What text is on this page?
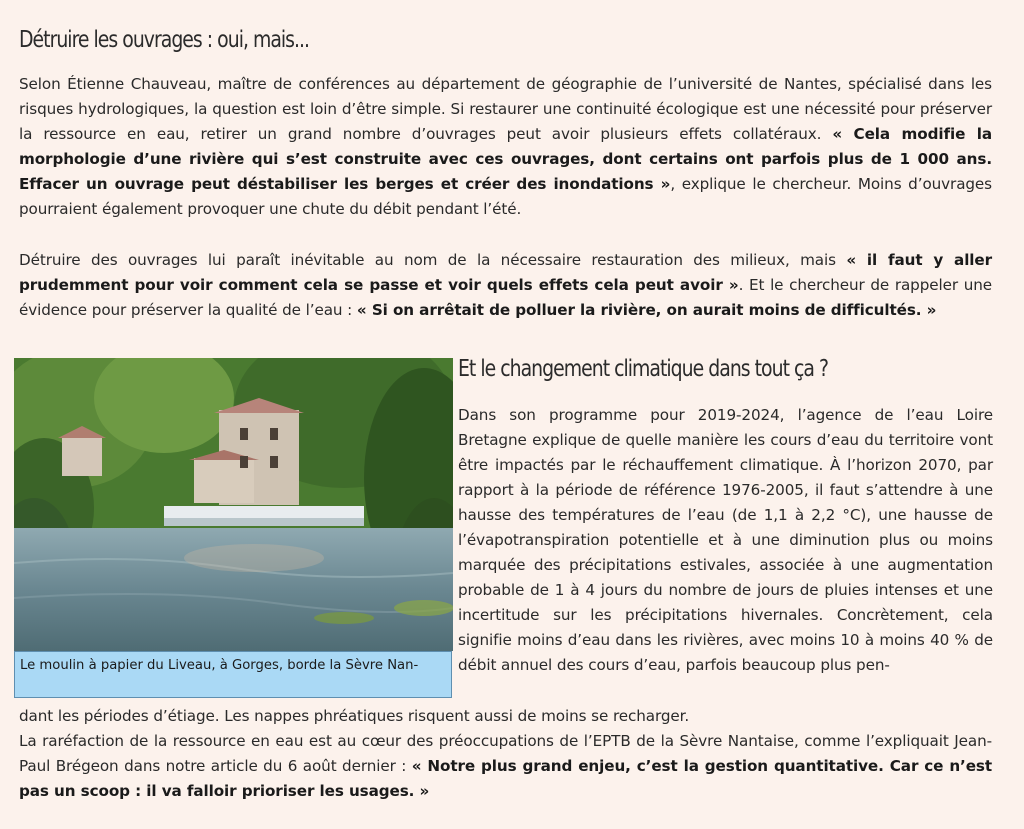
Détruire les ouvrages : oui, mais...
Selon Étienne Chauveau, maître de conférences au département de géographie de l’université de Nantes, spécialisé dans les risques hydrologiques, la question est loin d’être simple. Si restaurer une continuité écologique est une nécessité pour préserver la ressource en eau, retirer un grand nombre d’ouvrages peut avoir plusieurs effets collatéraux. « Cela modifie la morphologie d’une rivière qui s’est construite avec ces ouvrages, dont certains ont parfois plus de 1 000 ans. Effacer un ouvrage peut déstabiliser les berges et créer des inondations », explique le chercheur. Moins d’ouvrages pourraient également provoquer une chute du débit pendant l’été.
Détruire des ouvrages lui paraît inévitable au nom de la nécessaire restauration des milieux, mais « il faut y aller prudemment pour voir comment cela se passe et voir quels effets cela peut avoir ». Et le chercheur de rappeler une évidence pour préserver la qualité de l’eau : « Si on arrêtait de polluer la rivière, on aurait moins de difficultés. »
Le moulin à papier du Liveau, à Gorges, borde la Sèvre Nan-
Et le changement climatique dans tout ça ?
Dans son programme pour 2019-2024, l’agence de l’eau Loire Bretagne explique de quelle manière les cours d’eau du territoire vont être impactés par le réchauffement climatique. À l’horizon 2070, par rapport à la période de référence 1976-2005, il faut s’attendre à une hausse des températures de l’eau (de 1,1 à 2,2 °C), une hausse de l’évapotranspiration potentielle et à une diminution plus ou moins marquée des précipitations estivales, associée à une augmentation probable de 1 à 4 jours du nombre de jours de pluies intenses et une incertitude sur les précipitations hivernales. Concrètement, cela signifie moins d’eau dans les rivières, avec moins 10 à moins 40 % de débit annuel des cours d’eau, parfois beaucoup plus pen-
dant les périodes d’étiage. Les nappes phréatiques risquent aussi de moins se recharger.
La raréfaction de la ressource en eau est au cœur des préoccupations de l’EPTB de la Sèvre Nantaise, comme l’expliquait Jean-Paul Brégeon dans notre article du 6 août dernier : « Notre plus grand enjeu, c’est la gestion quantitative. Car ce n’est pas un scoop : il va falloir prioriser les usages. »
